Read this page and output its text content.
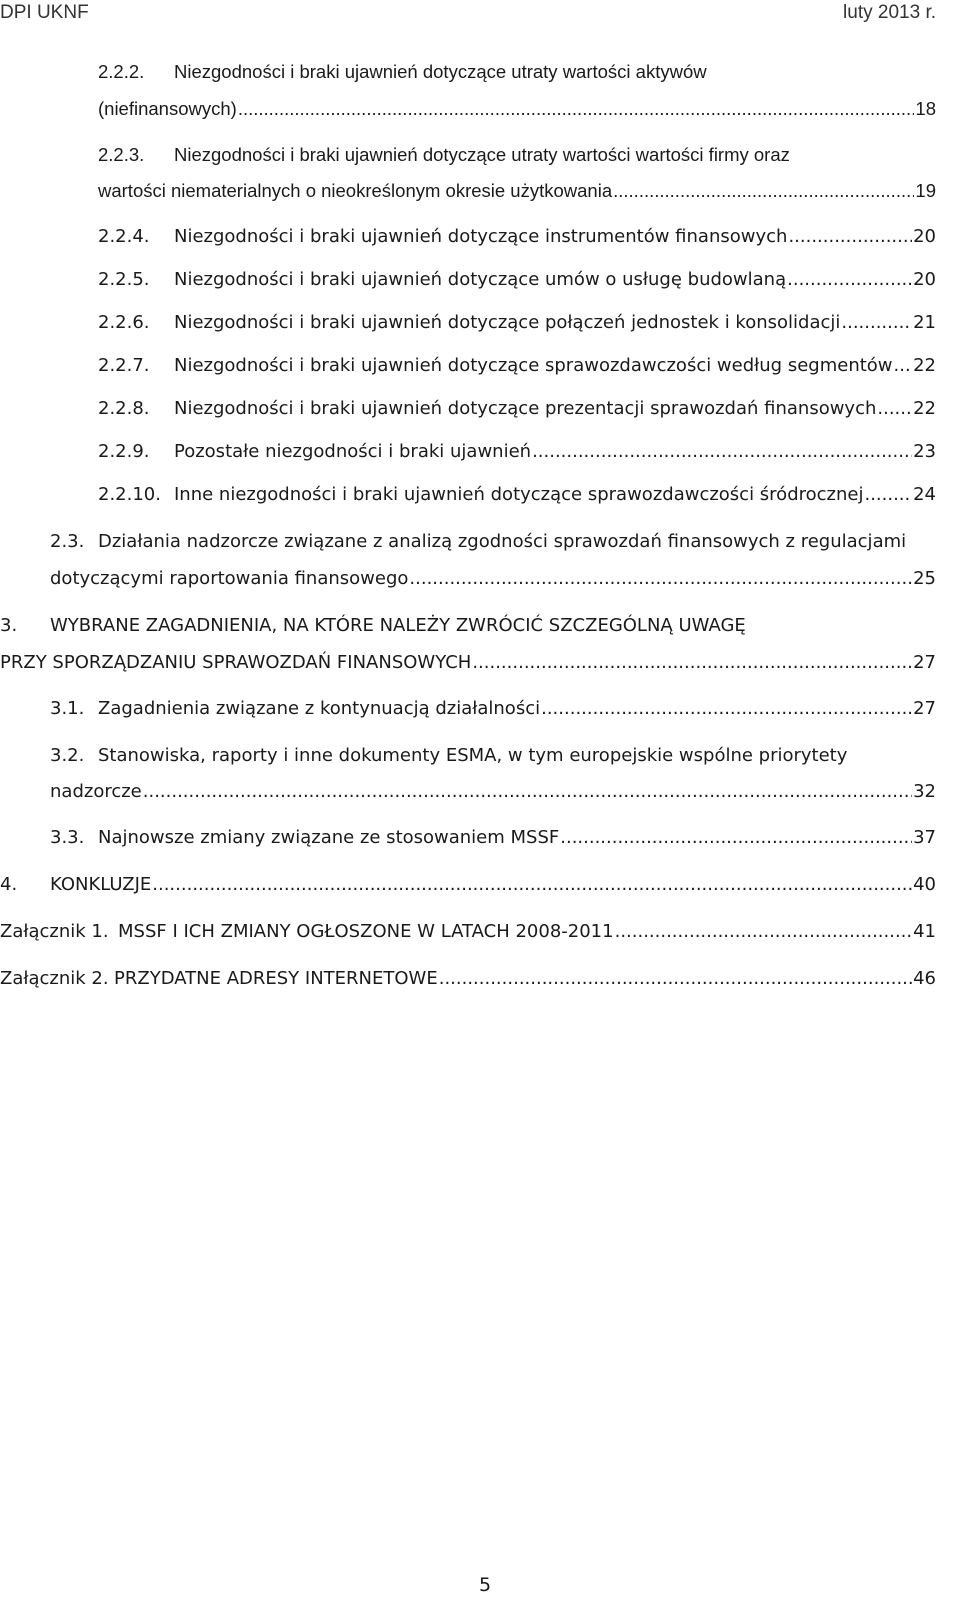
DPI UKNF	luty 2013 r.
2.2.2.	Niezgodności i braki ujawnień dotyczące utraty wartości aktywów
(niefinansowych) .....	18
2.2.3.	Niezgodności i braki ujawnień dotyczące utraty wartości wartości firmy oraz
wartości niematerialnych o nieokreślonym okresie użytkowania .....	19
2.2.4.	Niezgodności i braki ujawnień dotyczące instrumentów finansowych .....	20
2.2.5.	Niezgodności i braki ujawnień dotyczące umów o usługę budowlaną .....	20
2.2.6.	Niezgodności i braki ujawnień dotyczące połączeń jednostek i konsolidacji .....	21
2.2.7.	Niezgodności i braki ujawnień dotyczące sprawozdawczości według segmentów ..... 22
2.2.8.	Niezgodności i braki ujawnień dotyczące prezentacji sprawozdań finansowych ..... 22
2.2.9.	Pozostałe niezgodności i braki ujawnień .....	23
2.2.10. Inne niezgodności i braki ujawnień dotyczące sprawozdawczości śródrocznej .....	24
2.3. Działania nadzorcze związane z analizą zgodności sprawozdań finansowych z regulacjami
dotyczącymi raportowania finansowego .....	25
3.	WYBRANE ZAGADNIENIA, NA KTÓRE NALEŻY ZWRÓCIĆ SZCZEGÓLNĄ UWAGĘ
PRZY SPORZĄDZANIU SPRAWOZDAŃ FINANSOWYCH .....	27
3.1. Zagadnienia związane z kontynuacją działalności .....	27
3.2. Stanowiska, raporty i inne dokumenty ESMA, w tym europejskie wspólne priorytety
nadzorcze .....	32
3.3. Najnowsze zmiany związane ze stosowaniem MSSF .....	37
4.	KONKLUZJE .....	40
Załącznik 1. MSSF I ICH ZMIANY OGŁOSZONE W LATACH 2008-2011 .....	41
Załącznik 2. PRZYDATNE ADRESY INTERNETOWE .....	46
5
